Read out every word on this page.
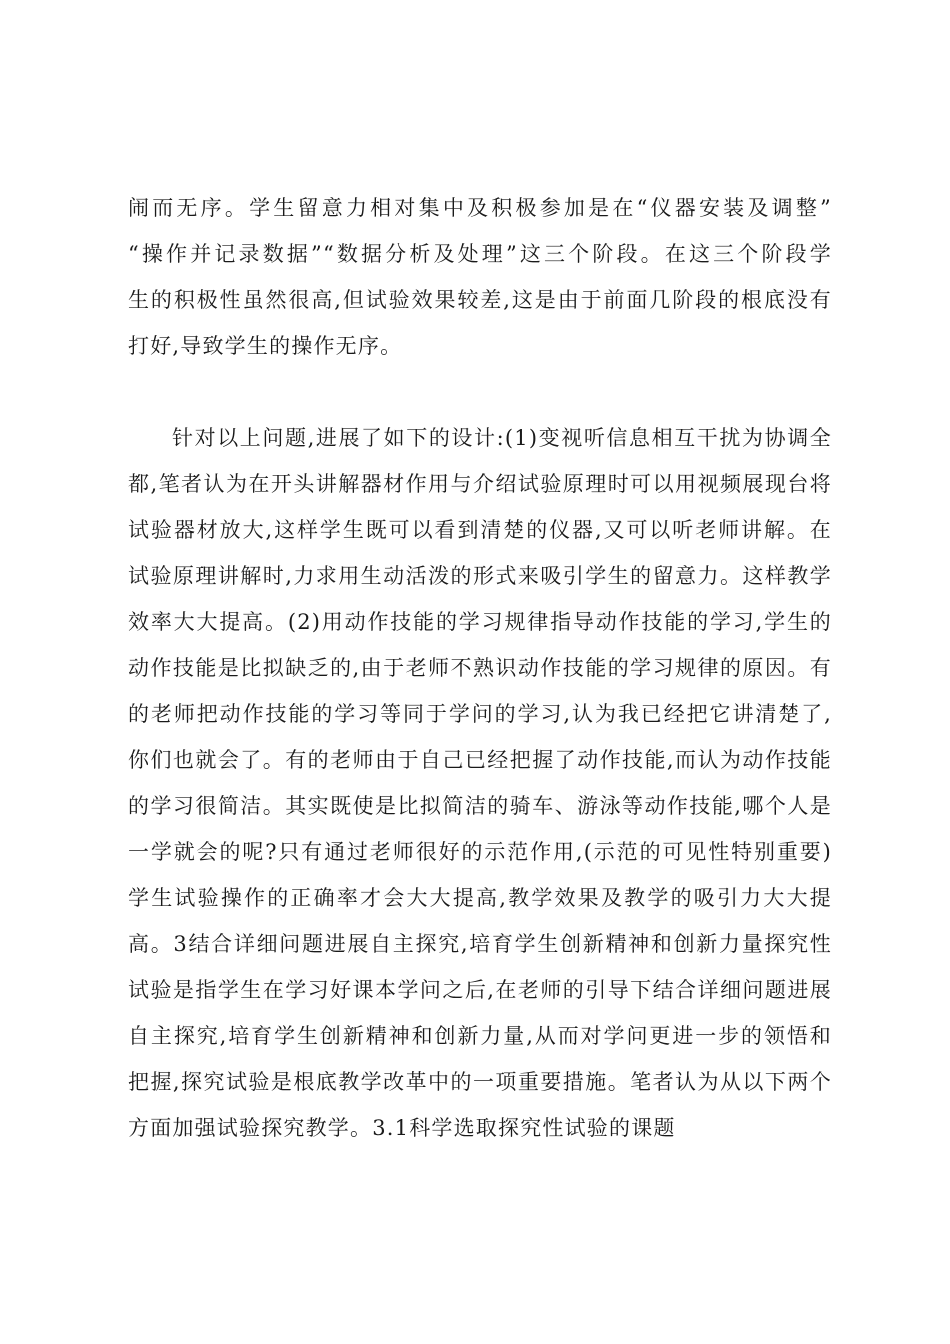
闹而无序。学生留意力相对集中及积极参加是在“仪器安装及调整”
“操作并记录数据”“数据分析及处理”这三个阶段。在这三个阶段学
生的积极性虽然很高,但试验效果较差,这是由于前面几阶段的根底没有
打好,导致学生的操作无序。
针对以上问题,进展了如下的设计:(1)变视听信息相互干扰为协调全
都,笔者认为在开头讲解器材作用与介绍试验原理时可以用视频展现台将
试验器材放大,这样学生既可以看到清楚的仪器,又可以听老师讲解。在
试验原理讲解时,力求用生动活泼的形式来吸引学生的留意力。这样教学
效率大大提高。(2)用动作技能的学习规律指导动作技能的学习,学生的
动作技能是比拟缺乏的,由于老师不熟识动作技能的学习规律的原因。有
的老师把动作技能的学习等同于学问的学习,认为我已经把它讲清楚了,
你们也就会了。有的老师由于自己已经把握了动作技能,而认为动作技能
的学习很简洁。其实既使是比拟简洁的骑车、游泳等动作技能,哪个人是
一学就会的呢?只有通过老师很好的示范作用,(示范的可见性特别重要)
学生试验操作的正确率才会大大提高,教学效果及教学的吸引力大大提
高。3结合详细问题进展自主探究,培育学生创新精神和创新力量探究性
试验是指学生在学习好课本学问之后,在老师的引导下结合详细问题进展
自主探究,培育学生创新精神和创新力量,从而对学问更进一步的领悟和
把握,探究试验是根底教学改革中的一项重要措施。笔者认为从以下两个
方面加强试验探究教学。3.1科学选取探究性试验的课题
